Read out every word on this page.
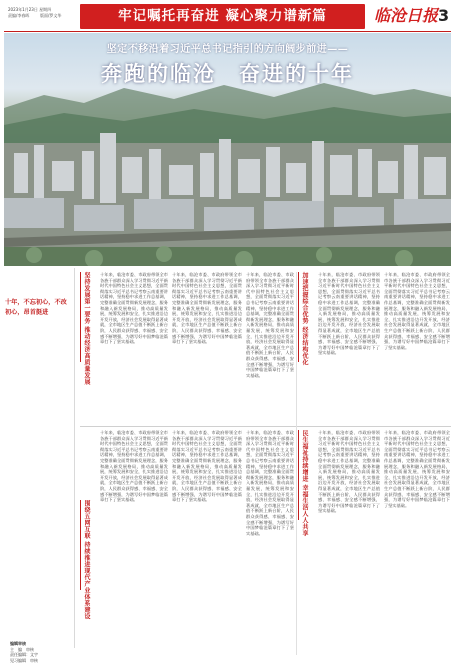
2023年1月23日 星期四
责编/李春晖	版面/罗文华	牢记嘱托再奋进 凝心聚力谱新篇	临沧日报 3
坚定不移沿着习近平总书记指引的方向阔步前进——
奔跑的临沧　奋进的十年
十年，不忘初心，不改初心，昂首挺进
编辑审核
主　编　审核
责任编辑：文宇
见习编辑　审核
坚持发展第一要务 推动经济高质量发展 十年来，临沧市委、市政府带领全市各族干部群众深入学习贯彻习近平新时代中国特色社会主义思想，全面贯彻落实习近平总书记考察云南重要讲话精神，坚持稳中求进工作总基调，完整准确全面贯彻新发展理念，服务和融入新发展格局，推动高质量发展，统筹发展和安全，扎实推进沿边开发开放，经济社会发展取得显著成就，全市地区生产总值不断跃上新台阶，人民群众获得感、幸福感、安全感不断增强，为谱写好中国梦临沧篇章打下了坚实基础。
十年来，临沧市委、市政府带领全市各族干部群众深入学习贯彻习近平新时代中国特色社会主义思想，全面贯彻落实习近平总书记考察云南重要讲话精神，坚持稳中求进工作总基调，完整准确全面贯彻新发展理念，服务和融入新发展格局，推动高质量发展，统筹发展和安全，扎实推进沿边开发开放，经济社会发展取得显著成就，全市地区生产总值不断跃上新台阶，人民群众获得感、幸福感、安全感不断增强，为谱写好中国梦临沧篇章打下了坚实基础。
十年来，临沧市委、市政府带领全市各族干部群众深入学习贯彻习近平新时代中国特色社会主义思想，全面贯彻落实习近平总书记考察云南重要讲话精神，坚持稳中求进工作总基调，完整准确全面贯彻新发展理念，服务和融入新发展格局，推动高质量发展，统筹发展和安全，扎实推进沿边开发开放，经济社会发展取得显著成就，全市地区生产总值不断跃上新台阶，人民群众获得感、幸福感、安全感不断增强，为谱写好中国梦临沧篇章打下了坚实基础。
加速把握综合优势 经济结构优化 十年来，临沧市委、市政府带领全市各族干部群众深入学习贯彻习近平新时代中国特色社会主义思想，全面贯彻落实习近平总书记考察云南重要讲话精神，坚持稳中求进工作总基调，完整准确全面贯彻新发展理念，服务和融入新发展格局，推动高质量发展，统筹发展和安全，扎实推进沿边开发开放，经济社会发展取得显著成就，全市地区生产总值不断跃上新台阶，人民群众获得感、幸福感、安全感不断增强，为谱写好中国梦临沧篇章打下了坚实基础。
十年来，临沧市委、市政府带领全市各族干部群众深入学习贯彻习近平新时代中国特色社会主义思想，全面贯彻落实习近平总书记考察云南重要讲话精神，坚持稳中求进工作总基调，完整准确全面贯彻新发展理念，服务和融入新发展格局，推动高质量发展，统筹发展和安全，扎实推进沿边开发开放，经济社会发展取得显著成就，全市地区生产总值不断跃上新台阶，人民群众获得感、幸福感、安全感不断增强，为谱写好中国梦临沧篇章打下了坚实基础。
民生福祉持续增进 幸福生活人人共享 十年来，临沧市委、市政府带领全市各族干部群众深入学习贯彻习近平新时代中国特色社会主义思想，全面贯彻落实习近平总书记考察云南重要讲话精神，坚持稳中求进工作总基调，完整准确全面贯彻新发展理念，服务和融入新发展格局，推动高质量发展，统筹发展和安全，扎实推进沿边开发开放，经济社会发展取得显著成就，全市地区生产总值不断跃上新台阶，人民群众获得感、幸福感、安全感不断增强，为谱写好中国梦临沧篇章打下了坚实基础。
十年来，临沧市委、市政府带领全市各族干部群众深入学习贯彻习近平新时代中国特色社会主义思想，全面贯彻落实习近平总书记考察云南重要讲话精神，坚持稳中求进工作总基调，完整准确全面贯彻新发展理念，服务和融入新发展格局，推动高质量发展，统筹发展和安全，扎实推进沿边开发开放，经济社会发展取得显著成就，全市地区生产总值不断跃上新台阶，人民群众获得感、幸福感、安全感不断增强，为谱写好中国梦临沧篇章打下了坚实基础。
围绕五网互联 持续推进现代产业体系建设
十年来，临沧市委、市政府带领全市各族干部群众深入学习贯彻习近平新时代中国特色社会主义思想，全面贯彻落实习近平总书记考察云南重要讲话精神，坚持稳中求进工作总基调，完整准确全面贯彻新发展理念，服务和融入新发展格局，推动高质量发展，统筹发展和安全，扎实推进沿边开发开放，经济社会发展取得显著成就，全市地区生产总值不断跃上新台阶，人民群众获得感、幸福感、安全感不断增强，为谱写好中国梦临沧篇章打下了坚实基础。
十年来，临沧市委、市政府带领全市各族干部群众深入学习贯彻习近平新时代中国特色社会主义思想，全面贯彻落实习近平总书记考察云南重要讲话精神，坚持稳中求进工作总基调，完整准确全面贯彻新发展理念，服务和融入新发展格局，推动高质量发展，统筹发展和安全，扎实推进沿边开发开放，经济社会发展取得显著成就，全市地区生产总值不断跃上新台阶，人民群众获得感、幸福感、安全感不断增强，为谱写好中国梦临沧篇章打下了坚实基础。
十年来，临沧市委、市政府带领全市各族干部群众深入学习贯彻习近平新时代中国特色社会主义思想，全面贯彻落实习近平总书记考察云南重要讲话精神，坚持稳中求进工作总基调，完整准确全面贯彻新发展理念，服务和融入新发展格局，推动高质量发展，统筹发展和安全，扎实推进沿边开发开放，经济社会发展取得显著成就，全市地区生产总值不断跃上新台阶，人民群众获得感、幸福感、安全感不断增强，为谱写好中国梦临沧篇章打下了坚实基础。
